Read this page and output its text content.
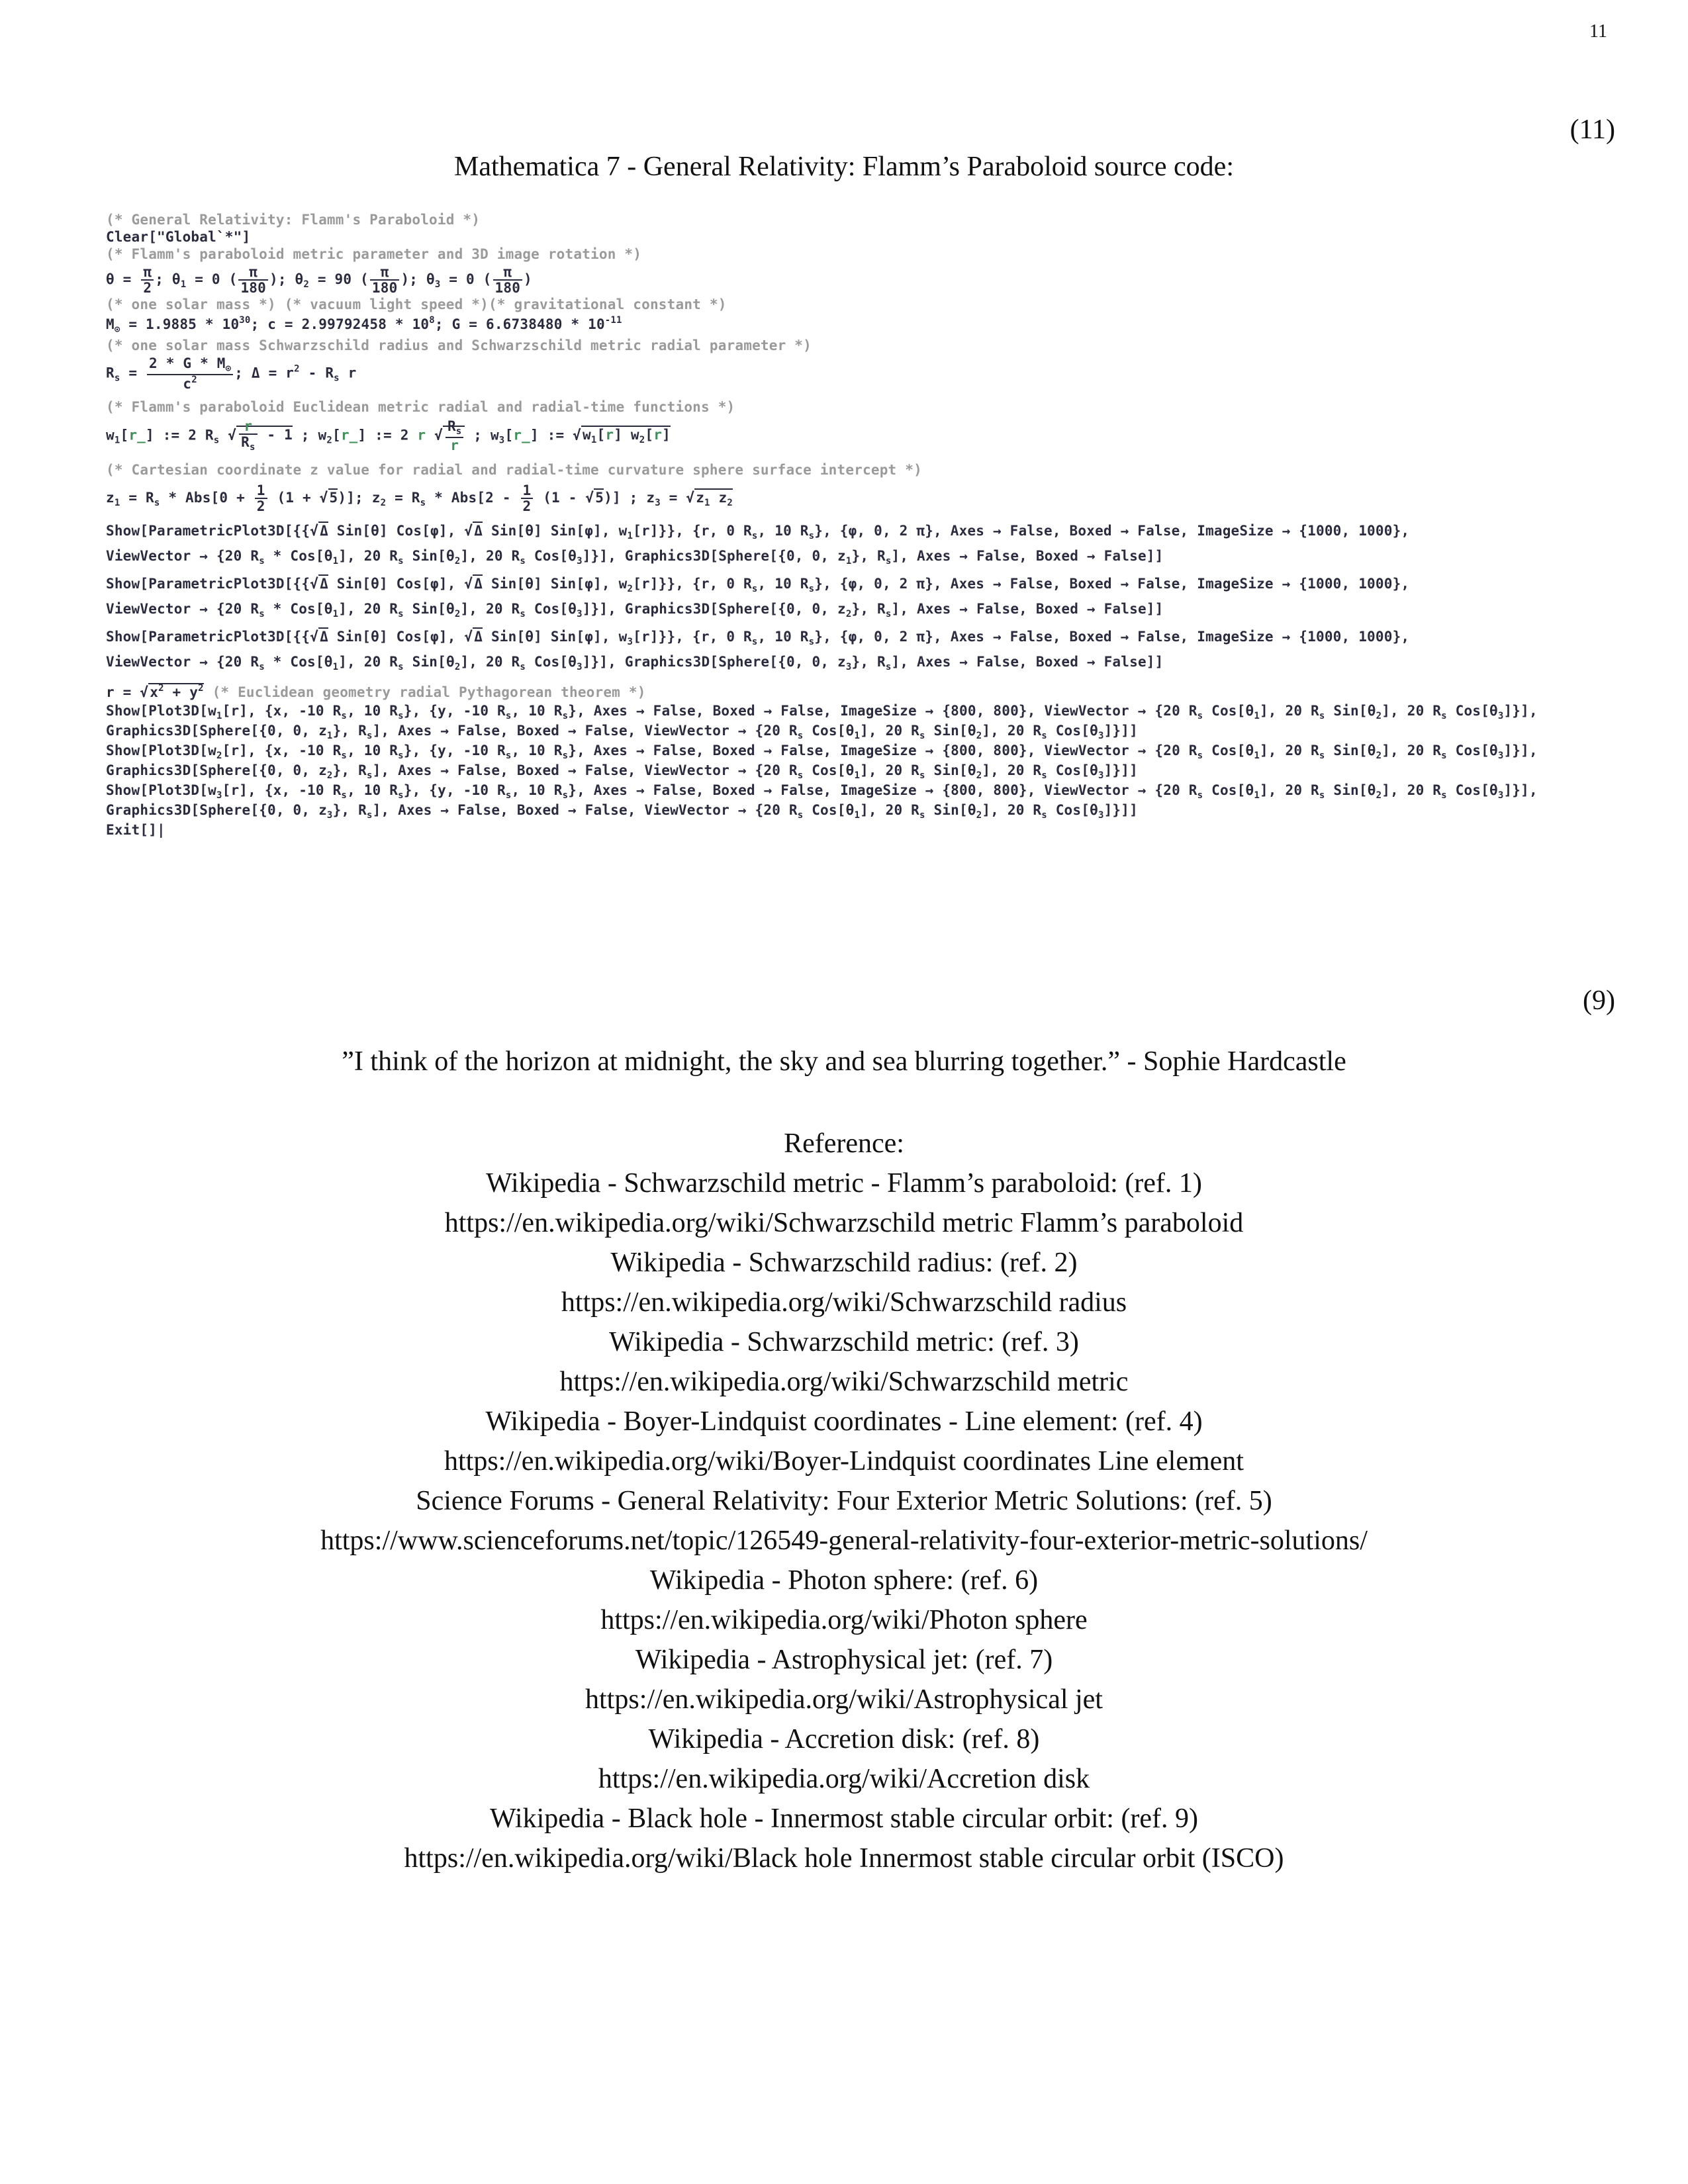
11
(11)
Mathematica 7 - General Relativity: Flamm’s Paraboloid source code:
(* General Relativity: Flamm's Paraboloid *)
Clear["Global`*"]
(* Flamm's paraboloid metric parameter and 3D image rotation *)
$\theta = \frac{\pi}{2}$ ; $\theta_1 = 0$ ( $\frac{\pi}{180}$ ); $\theta_2 = 90$ ( $\frac{\pi}{180}$ ); $\theta_3 = 0$ ( $\frac{\pi}{180}$ )
(* one solar mass *) (* vacuum light speed *)(* gravitational constant *)
$M_⊙ = 1.9885 * 10^{30}$; $c = 2.99792458 * 10^8$; $G = 6.6738480 * 10^{-11}$
(* one solar mass Schwarzschild radius and Schwarzschild metric radial parameter *)
$R_s = \frac{2 * G * M_⊙}{c^2}$ ; $\Delta = r^2 - R_s$ r
(* Flamm's paraboloid Euclidean metric radial and radial-time functions *)
$w_1[r\_]$ := 2 $R_s$ √ $\frac{r}{R_s} - 1$ ; $w_2[r\_]$ := 2 r √ $\frac{R_s}{r}$ ; $w_3[r\_]$ := $√w_1[r]$ $w_2[r]$
(* Cartesian coordinate z value for radial and radial-time curvature sphere surface intercept *)
$z_1 = R_s * Abs[0 + \frac{1}{2} (1 + √5)]$; $z_2 = R_s * Abs[2 - \frac{1}{2} (1 - √5)]$ ; $z_3 = √z_1$ $z_2$
Show[ParametricPlot3D[{{√Δ Sin[θ] Cos[φ], √Δ Sin[θ] Sin[φ], $w_1[r]$}}, {r, 0 $R_s$, 10 $R_s$}, {φ, 0, 2 π}, Axes → False, Boxed → False, ImageSize → {1000, 1000},
ViewVector → {20 $R_s * Cos[\theta_1]$, 20 $R_s$ $Sin[\theta_2]$, 20 $R_s$ $Cos[\theta_3]$}], Graphics3D[Sphere[{0, 0, $z_1$}, $R_s$], Axes → False, Boxed → False]]
Show[ParametricPlot3D[{{√Δ Sin[θ] Cos[φ], √Δ Sin[θ] Sin[φ], $w_2[r]$}}, {r, 0 $R_s$, 10 $R_s$}, {φ, 0, 2 π}, Axes → False, Boxed → False, ImageSize → {1000, 1000},
ViewVector → {20 $R_s * Cos[\theta_1]$, 20 $R_s$ $Sin[\theta_2]$, 20 $R_s$ $Cos[\theta_3]$}], Graphics3D[Sphere[{0, 0, $z_2$}, $R_s$], Axes → False, Boxed → False]]
Show[ParametricPlot3D[{{√Δ Sin[θ] Cos[φ], √Δ Sin[θ] Sin[φ], $w_3[r]$}}, {r, 0 $R_s$, 10 $R_s$}, {φ, 0, 2 π}, Axes → False, Boxed → False, ImageSize → {1000, 1000},
ViewVector → {20 $R_s * Cos[\theta_1]$, 20 $R_s$ $Sin[\theta_2]$, 20 $R_s$ $Cos[\theta_3]$}], Graphics3D[Sphere[{0, 0, $z_3$}, $R_s$], Axes → False, Boxed → False]]
$r = √x^2 + y^2$ (* Euclidean geometry radial Pythagorean theorem *)
$Show[Plot3D[w_1[r]$, {x, -10 $R_s$, 10 $R_s$}, {y, -10 $R_s$, 10 $R_s$}, Axes → False, Boxed → False, ImageSize → {800, 800}, ViewVector → {20 $R_s$ $Cos[\theta_1]$, 20 $R_s$ $Sin[\theta_2]$, 20 $R_s$ $Cos[\theta_3]$}],
Graphics3D[Sphere[{0, 0, $z_1$}, $R_s$], Axes → False, Boxed → False, ViewVector → {20 $R_s$ $Cos[\theta_1]$, 20 $R_s$ $Sin[\theta_2]$, 20 $R_s$ $Cos[\theta_3]$}]]
$Show[Plot3D[w_2[r]$, {x, -10 $R_s$, 10 $R_s$}, {y, -10 $R_s$, 10 $R_s$}, Axes → False, Boxed → False, ImageSize → {800, 800}, ViewVector → {20 $R_s$ $Cos[\theta_1]$, 20 $R_s$ $Sin[\theta_2]$, 20 $R_s$ $Cos[\theta_3]$}],
Graphics3D[Sphere[{0, 0, $z_2$}, $R_s$], Axes → False, Boxed → False, ViewVector → {20 $R_s$ $Cos[\theta_1]$, 20 $R_s$ $Sin[\theta_2]$, 20 $R_s$ $Cos[\theta_3]$}]]
$Show[Plot3D[w_3[r]$, {x, -10 $R_s$, 10 $R_s$}, {y, -10 $R_s$, 10 $R_s$}, Axes → False, Boxed → False, ImageSize → {800, 800}, ViewVector → {20 $R_s$ $Cos[\theta_1]$, 20 $R_s$ $Sin[\theta_2]$, 20 $R_s$ $Cos[\theta_3]$}],
Graphics3D[Sphere[{0, 0, $z_3$}, $R_s$], Axes → False, Boxed → False, ViewVector → {20 $R_s$ $Cos[\theta_1]$, 20 $R_s$ $Sin[\theta_2]$, 20 $R_s$ $Cos[\theta_3]$}]]
Exit[]|
(9)
”I think of the horizon at midnight, the sky and sea blurring together.” - Sophie Hardcastle
Reference:
Wikipedia - Schwarzschild metric - Flamm’s paraboloid: (ref. 1)
https://en.wikipedia.org/wiki/Schwarzschild metric Flamm’s paraboloid
Wikipedia - Schwarzschild radius: (ref. 2)
https://en.wikipedia.org/wiki/Schwarzschild radius
Wikipedia - Schwarzschild metric: (ref. 3)
https://en.wikipedia.org/wiki/Schwarzschild metric
Wikipedia - Boyer-Lindquist coordinates - Line element: (ref. 4)
https://en.wikipedia.org/wiki/Boyer-Lindquist coordinates Line element
Science Forums - General Relativity: Four Exterior Metric Solutions: (ref. 5)
https://www.scienceforums.net/topic/126549-general-relativity-four-exterior-metric-solutions/
Wikipedia - Photon sphere: (ref. 6)
https://en.wikipedia.org/wiki/Photon sphere
Wikipedia - Astrophysical jet: (ref. 7)
https://en.wikipedia.org/wiki/Astrophysical jet
Wikipedia - Accretion disk: (ref. 8)
https://en.wikipedia.org/wiki/Accretion disk
Wikipedia - Black hole - Innermost stable circular orbit: (ref. 9)
https://en.wikipedia.org/wiki/Black hole Innermost stable circular orbit (ISCO)
